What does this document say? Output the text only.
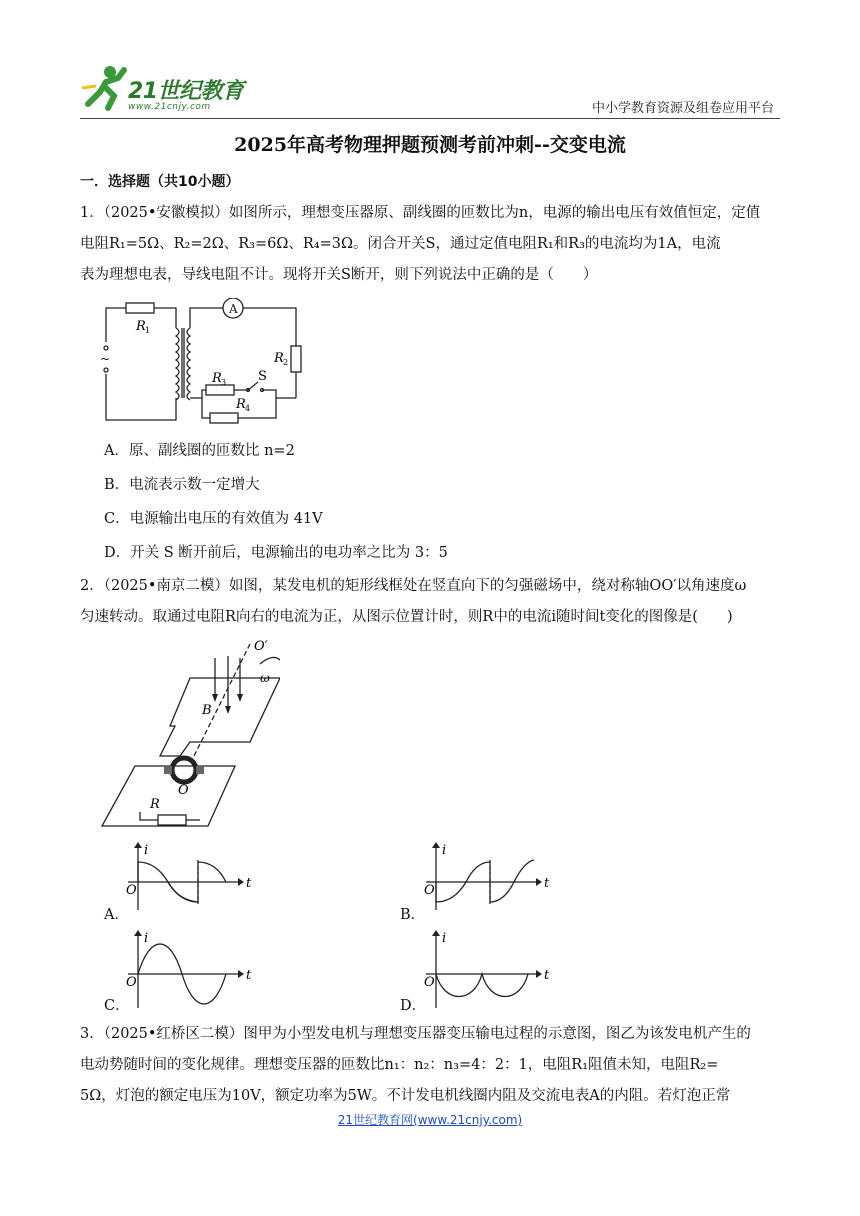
21世纪教育
www.21cnjy.com	中小学教育资源及组卷应用平台
2025年高考物理押题预测考前冲刺--交变电流
一．选择题（共10小题）
1．（2025•安徽模拟）如图所示，理想变压器原、副线圈的匝数比为n，电源的输出电压有效值恒定，定值
电阻R₁=5Ω、R₂=2Ω、R₃=6Ω、R₄=3Ω。闭合开关S，通过定值电阻R₁和R₃的电流均为1A，电流
表为理想电表，导线电阻不计。现将开关S断开，则下列说法中正确的是（　　）
A
R 1
R 2
R 3
R 4
S
~
A．原、副线圈的匝数比 n=2
B．电流表示数一定增大
C．电源输出电压的有效值为 41V
D．开关 S 断开前后，电源输出的电功率之比为 3：5
2．（2025•南京二模）如图，某发电机的矩形线框处在竖直向下的匀强磁场中，绕对称轴OO′以角速度ω
匀速转动。取通过电阻R向右的电流为正，从图示位置计时，则R中的电流i随时间t变化的图像是(　　)
O′
ω
B
O
R
i
t
O
A．
i
t
O
B．
i
t
O
C．
i
t
O
D．
3．（2025•红桥区二模）图甲为小型发电机与理想变压器变压输电过程的示意图，图乙为该发电机产生的
电动势随时间的变化规律。理想变压器的匝数比n₁：n₂：n₃=4：2：1，电阻R₁阻值未知，电阻R₂=
5Ω，灯泡的额定电压为10V，额定功率为5W。不计发电机线圈内阻及交流电表A的内阻。若灯泡正常
21世纪教育网(www.21cnjy.com)
